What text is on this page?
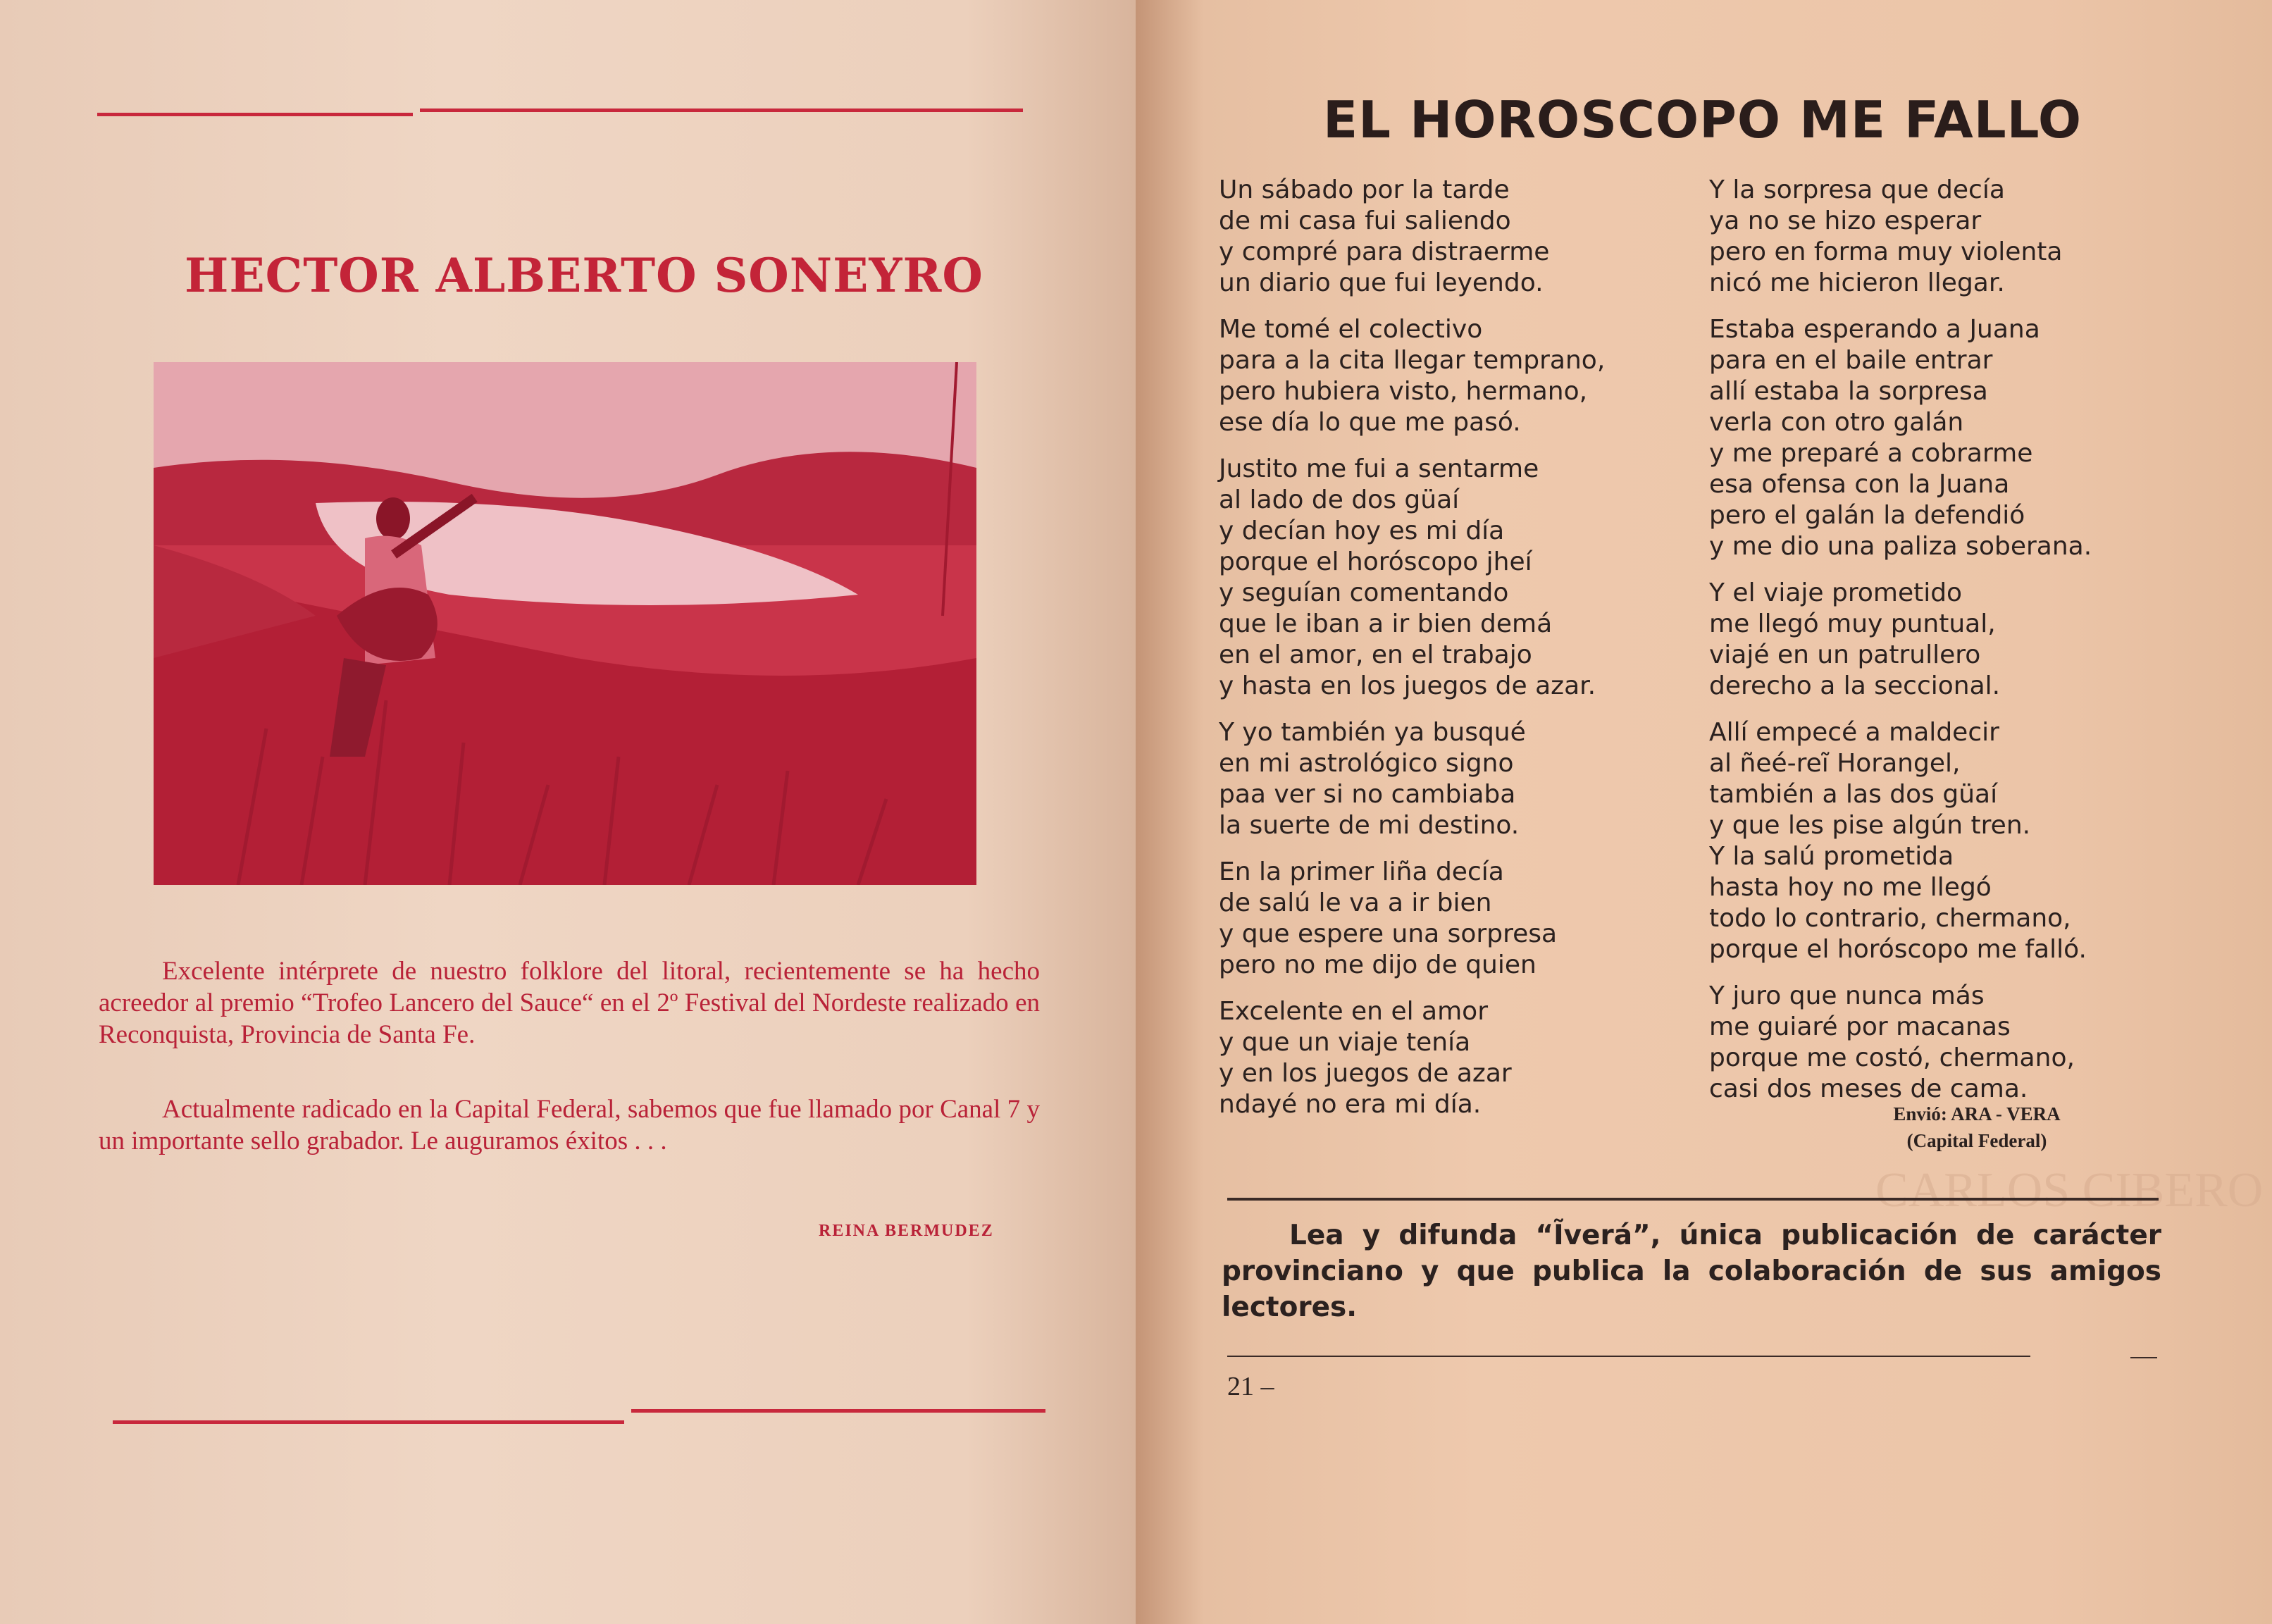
HECTOR ALBERTO SONEYRO

Excelente intérprete de nuestro folklore del litoral, recientemente se ha hecho acreedor al premio “Trofeo Lancero del Sauce“ en el 2º Festival del Nordeste realizado en Reconquista, Provincia de Santa Fe.

Actualmente radicado en la Capital Federal, sabemos que fue llamado por Canal 7 y un importante sello grabador. Le auguramos éxitos . . .

REINA BERMUDEZ
CARLOS CIBERO
EL HOROSCOPO ME FALLO
Un sábado por la tarde
de mi casa fui saliendo
y compré para distraerme
un diario que fui leyendo.
Me tomé el colectivo
para a la cita llegar temprano,
pero hubiera visto, hermano,
ese día lo que me pasó.
Justito me fui a sentarme
al lado de dos güaí
y decían hoy es mi día
porque el horóscopo jheí
y seguían comentando
que le iban a ir bien demá
en el amor, en el trabajo
y hasta en los juegos de azar.
Y yo también ya busqué
en mi astrológico signo
paa ver si no cambiaba
la suerte de mi destino.
En la primer liña decía
de salú le va a ir bien
y que espere una sorpresa
pero no me dijo de quien
Excelente en el amor
y que un viaje tenía
y en los juegos de azar
ndayé no era mi día.
Y la sorpresa que decía
ya no se hizo esperar
pero en forma muy violenta
nicó me hicieron llegar.
Estaba esperando a Juana
para en el baile entrar
allí estaba la sorpresa
verla con otro galán
y me preparé a cobrarme
esa ofensa con la Juana
pero el galán la defendió
y me dio una paliza soberana.
Y el viaje prometido
me llegó muy puntual,
viajé en un patrullero
derecho a la seccional.
Allí empecé a maldecir
al ñeé-reĩ Horangel,
también a las dos güaí
y que les pise algún tren.
Y la salú prometida
hasta hoy no me llegó
todo lo contrario, chermano,
porque el horóscopo me falló.
Y juro que nunca más
me guiaré por macanas
porque me costó, chermano,
casi dos meses de cama.
Envió: ARA - VERA
(Capital Federal)

Lea y difunda “Ĩverá”, única publicación de carácter provinciano y que publica la colaboración de sus amigos lectores.

21 –
